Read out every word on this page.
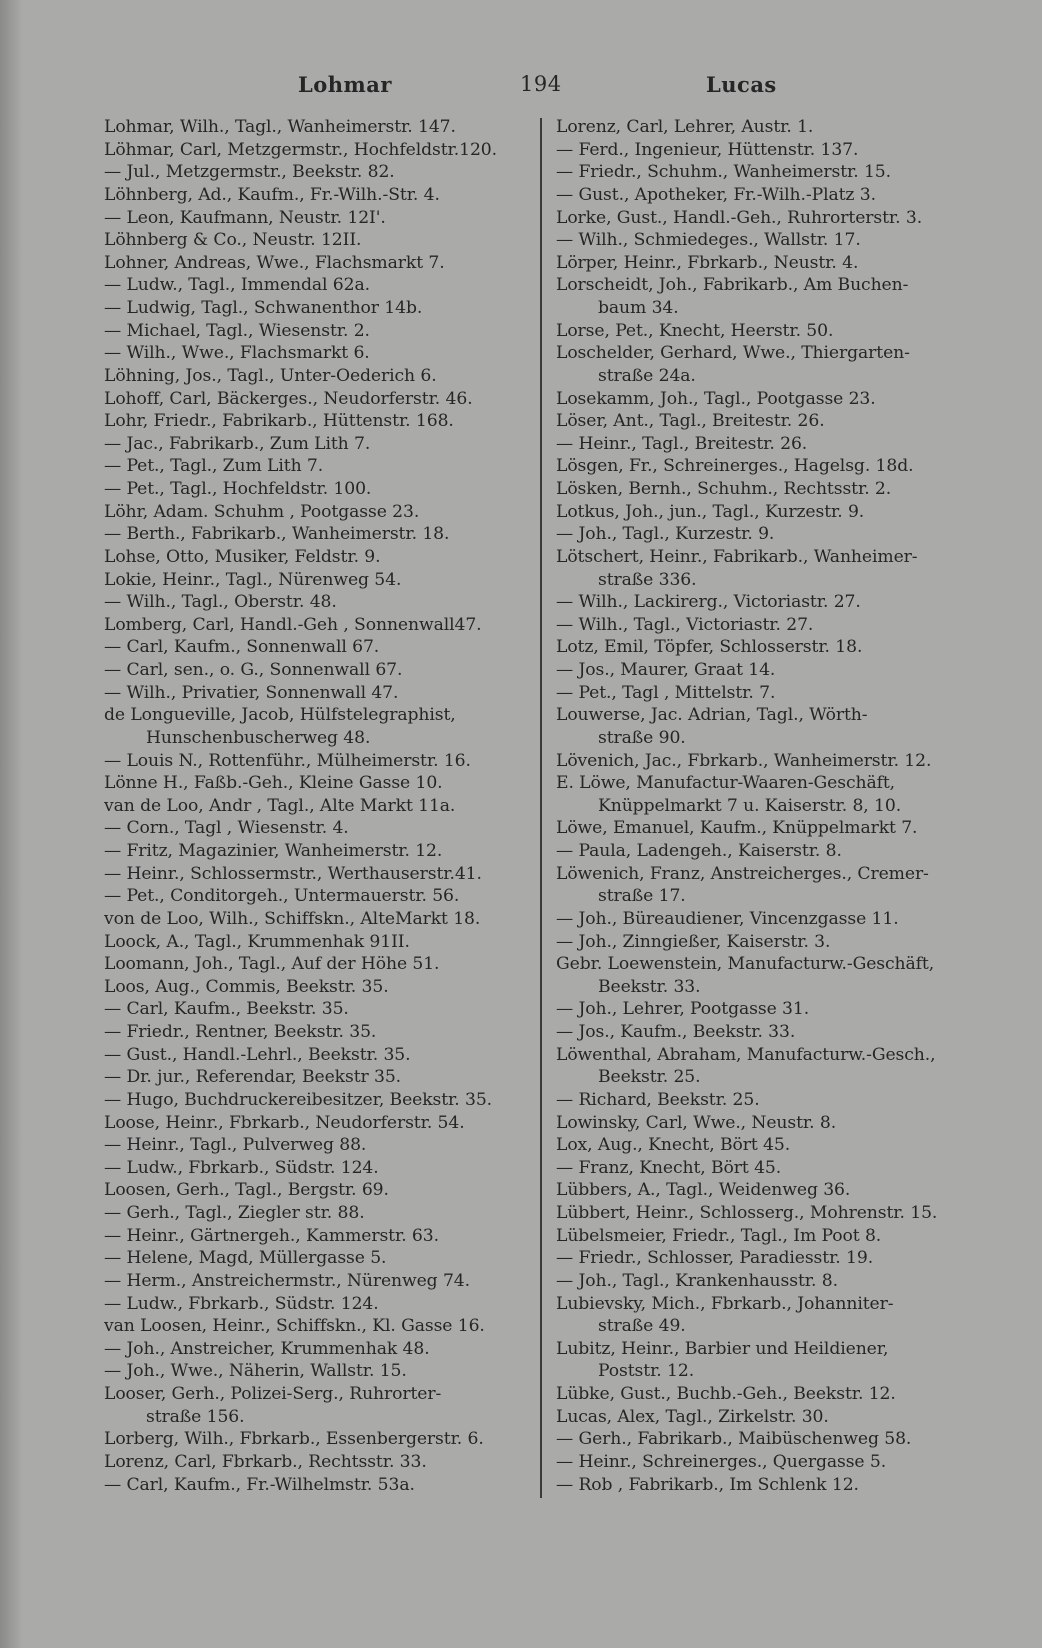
Lohmar	194	Lucas
Lohmar, Wilh., Tagl., Wanheimerstr. 147.
Löhmar, Carl, Metzgermstr., Hochfeldstr.120.
— Jul., Metzgermstr., Beekstr. 82.
Löhnberg, Ad., Kaufm., Fr.-Wilh.-Str. 4.
— Leon, Kaufmann, Neustr. 12I'.
Löhnberg & Co., Neustr. 12II.
Lohner, Andreas, Wwe., Flachsmarkt 7.
— Ludw., Tagl., Immendal 62a.
— Ludwig, Tagl., Schwanenthor 14b.
— Michael, Tagl., Wiesenstr. 2.
— Wilh., Wwe., Flachsmarkt 6.
Löhning, Jos., Tagl., Unter-Oederich 6.
Lohoff, Carl, Bäckerges., Neudorferstr. 46.
Lohr, Friedr., Fabrikarb., Hüttenstr. 168.
— Jac., Fabrikarb., Zum Lith 7.
— Pet., Tagl., Zum Lith 7.
— Pet., Tagl., Hochfeldstr. 100.
Löhr, Adam. Schuhm , Pootgasse 23.
— Berth., Fabrikarb., Wanheimerstr. 18.
Lohse, Otto, Musiker, Feldstr. 9.
Lokie, Heinr., Tagl., Nürenweg 54.
— Wilh., Tagl., Oberstr. 48.
Lomberg, Carl, Handl.-Geh , Sonnenwall47.
— Carl, Kaufm., Sonnenwall 67.
— Carl, sen., o. G., Sonnenwall 67.
— Wilh., Privatier, Sonnenwall 47.
de Longueville, Jacob, Hülfstelegraphist,
Hunschenbuscherweg 48.
— Louis N., Rottenführ., Mülheimerstr. 16.
Lönne H., Faßb.-Geh., Kleine Gasse 10.
van de Loo, Andr , Tagl., Alte Markt 11a.
— Corn., Tagl , Wiesenstr. 4.
— Fritz, Magazinier, Wanheimerstr. 12.
— Heinr., Schlossermstr., Werthauserstr.41.
— Pet., Conditorgeh., Untermauerstr. 56.
von de Loo, Wilh., Schiffskn., AlteMarkt 18.
Loock, A., Tagl., Krummenhak 91II.
Loomann, Joh., Tagl., Auf der Höhe 51.
Loos, Aug., Commis, Beekstr. 35.
— Carl, Kaufm., Beekstr. 35.
— Friedr., Rentner, Beekstr. 35.
— Gust., Handl.-Lehrl., Beekstr. 35.
— Dr. jur., Referendar, Beekstr 35.
— Hugo, Buchdruckereibesitzer, Beekstr. 35.
Loose, Heinr., Fbrkarb., Neudorferstr. 54.
— Heinr., Tagl., Pulverweg 88.
— Ludw., Fbrkarb., Südstr. 124.
Loosen, Gerh., Tagl., Bergstr. 69.
— Gerh., Tagl., Ziegler str. 88.
— Heinr., Gärtnergeh., Kammerstr. 63.
— Helene, Magd, Müllergasse 5.
— Herm., Anstreichermstr., Nürenweg 74.
— Ludw., Fbrkarb., Südstr. 124.
van Loosen, Heinr., Schiffskn., Kl. Gasse 16.
— Joh., Anstreicher, Krummenhak 48.
— Joh., Wwe., Näherin, Wallstr. 15.
Looser, Gerh., Polizei-Serg., Ruhrorter-
straße 156.
Lorberg, Wilh., Fbrkarb., Essenbergerstr. 6.
Lorenz, Carl, Fbrkarb., Rechtsstr. 33.
— Carl, Kaufm., Fr.-Wilhelmstr. 53a.
Lorenz, Carl, Lehrer, Austr. 1.
— Ferd., Ingenieur, Hüttenstr. 137.
— Friedr., Schuhm., Wanheimerstr. 15.
— Gust., Apotheker, Fr.-Wilh.-Platz 3.
Lorke, Gust., Handl.-Geh., Ruhrorterstr. 3.
— Wilh., Schmiedeges., Wallstr. 17.
Lörper, Heinr., Fbrkarb., Neustr. 4.
Lorscheidt, Joh., Fabrikarb., Am Buchen-
baum 34.
Lorse, Pet., Knecht, Heerstr. 50.
Loschelder, Gerhard, Wwe., Thiergarten-
straße 24a.
Losekamm, Joh., Tagl., Pootgasse 23.
Löser, Ant., Tagl., Breitestr. 26.
— Heinr., Tagl., Breitestr. 26.
Lösgen, Fr., Schreinerges., Hagelsg. 18d.
Lösken, Bernh., Schuhm., Rechtsstr. 2.
Lotkus, Joh., jun., Tagl., Kurzestr. 9.
— Joh., Tagl., Kurzestr. 9.
Lötschert, Heinr., Fabrikarb., Wanheimer-
straße 336.
— Wilh., Lackirerg., Victoriastr. 27.
— Wilh., Tagl., Victoriastr. 27.
Lotz, Emil, Töpfer, Schlosserstr. 18.
— Jos., Maurer, Graat 14.
— Pet., Tagl , Mittelstr. 7.
Louwerse, Jac. Adrian, Tagl., Wörth-
straße 90.
Lövenich, Jac., Fbrkarb., Wanheimerstr. 12.
E. Löwe, Manufactur-Waaren-Geschäft,
Knüppelmarkt 7 u. Kaiserstr. 8, 10.
Löwe, Emanuel, Kaufm., Knüppelmarkt 7.
— Paula, Ladengeh., Kaiserstr. 8.
Löwenich, Franz, Anstreicherges., Cremer-
straße 17.
— Joh., Büreaudiener, Vincenzgasse 11.
— Joh., Zinngießer, Kaiserstr. 3.
Gebr. Loewenstein, Manufacturw.-Geschäft,
Beekstr. 33.
— Joh., Lehrer, Pootgasse 31.
— Jos., Kaufm., Beekstr. 33.
Löwenthal, Abraham, Manufacturw.-Gesch.,
Beekstr. 25.
— Richard, Beekstr. 25.
Lowinsky, Carl, Wwe., Neustr. 8.
Lox, Aug., Knecht, Bört 45.
— Franz, Knecht, Bört 45.
Lübbers, A., Tagl., Weidenweg 36.
Lübbert, Heinr., Schlosserg., Mohrenstr. 15.
Lübelsmeier, Friedr., Tagl., Im Poot 8.
— Friedr., Schlosser, Paradiesstr. 19.
— Joh., Tagl., Krankenhausstr. 8.
Lubievsky, Mich., Fbrkarb., Johanniter-
straße 49.
Lubitz, Heinr., Barbier und Heildiener,
Poststr. 12.
Lübke, Gust., Buchb.-Geh., Beekstr. 12.
Lucas, Alex, Tagl., Zirkelstr. 30.
— Gerh., Fabrikarb., Maibüschenweg 58.
— Heinr., Schreinerges., Quergasse 5.
— Rob , Fabrikarb., Im Schlenk 12.
